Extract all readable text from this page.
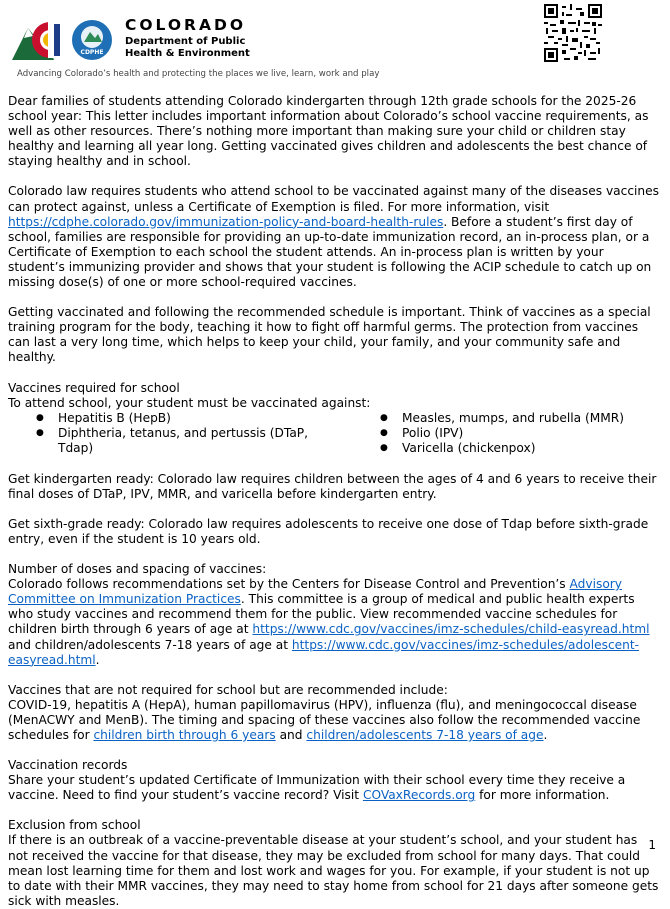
CDPHE
COLORADO
Department of Public
Health & Environment
Advancing Colorado’s health and protecting the places we live, learn, work and play

Dear families of students attending Colorado kindergarten through 12th grade schools for the 2025-26 school year: This letter includes important information about Colorado’s school vaccine requirements, as well as other resources. There’s nothing more important than making sure your child or children stay healthy and learning all year long. Getting vaccinated gives children and adolescents the best chance of staying healthy and in school.

Colorado law requires students who attend school to be vaccinated against many of the diseases vaccines can protect against, unless a Certificate of Exemption is filed. For more information, visit https://cdphe.colorado.gov/immunization-policy-and-board-health-rules. Before a student’s first day of school, families are responsible for providing an up-to-date immunization record, an in-process plan, or a Certificate of Exemption to each school the student attends. An in-process plan is written by your student’s immunizing provider and shows that your student is following the ACIP schedule to catch up on missing dose(s) of one or more school-required vaccines.

Getting vaccinated and following the recommended schedule is important. Think of vaccines as a special training program for the body, teaching it how to fight off harmful germs. The protection from vaccines can last a very long time, which helps to keep your child, your family, and your community safe and healthy.

Vaccines required for school

To attend school, your student must be vaccinated against:

● Hepatitis B (HepB)
● Diphtheria, tetanus, and pertussis (DTaP,
Tdap)
● Measles, mumps, and rubella (MMR)
● Polio (IPV)
● Varicella (chickenpox)

Get kindergarten ready: Colorado law requires children between the ages of 4 and 6 years to receive their final doses of DTaP, IPV, MMR, and varicella before kindergarten entry.

Get sixth-grade ready: Colorado law requires adolescents to receive one dose of Tdap before sixth-grade entry, even if the student is 10 years old.

Number of doses and spacing of vaccines:

Colorado follows recommendations set by the Centers for Disease Control and Prevention’s Advisory Committee on Immunization Practices. This committee is a group of medical and public health experts who study vaccines and recommend them for the public. View recommended vaccine schedules for children birth through 6 years of age at https://www.cdc.gov/vaccines/imz-schedules/child-easyread.html and children/adolescents 7-18 years of age at https://www.cdc.gov/vaccines/imz-schedules/adolescent-easyread.html.

Vaccines that are not required for school but are recommended include:

COVID-19, hepatitis A (HepA), human papillomavirus (HPV), influenza (flu), and meningococcal disease (MenACWY and MenB). The timing and spacing of these vaccines also follow the recommended vaccine schedules for children birth through 6 years and children/adolescents 7-18 years of age.

Vaccination records

Share your student’s updated Certificate of Immunization with their school every time they receive a vaccine. Need to find your student’s vaccine record? Visit COVaxRecords.org for more information.

Exclusion from school

If there is an outbreak of a vaccine-preventable disease at your student’s school, and your student has not received the vaccine for that disease, they may be excluded from school for many days. That could mean lost learning time for them and lost work and wages for you. For example, if your student is not up to date with their MMR vaccines, they may need to stay home from school for 21 days after someone gets sick with measles.

1
